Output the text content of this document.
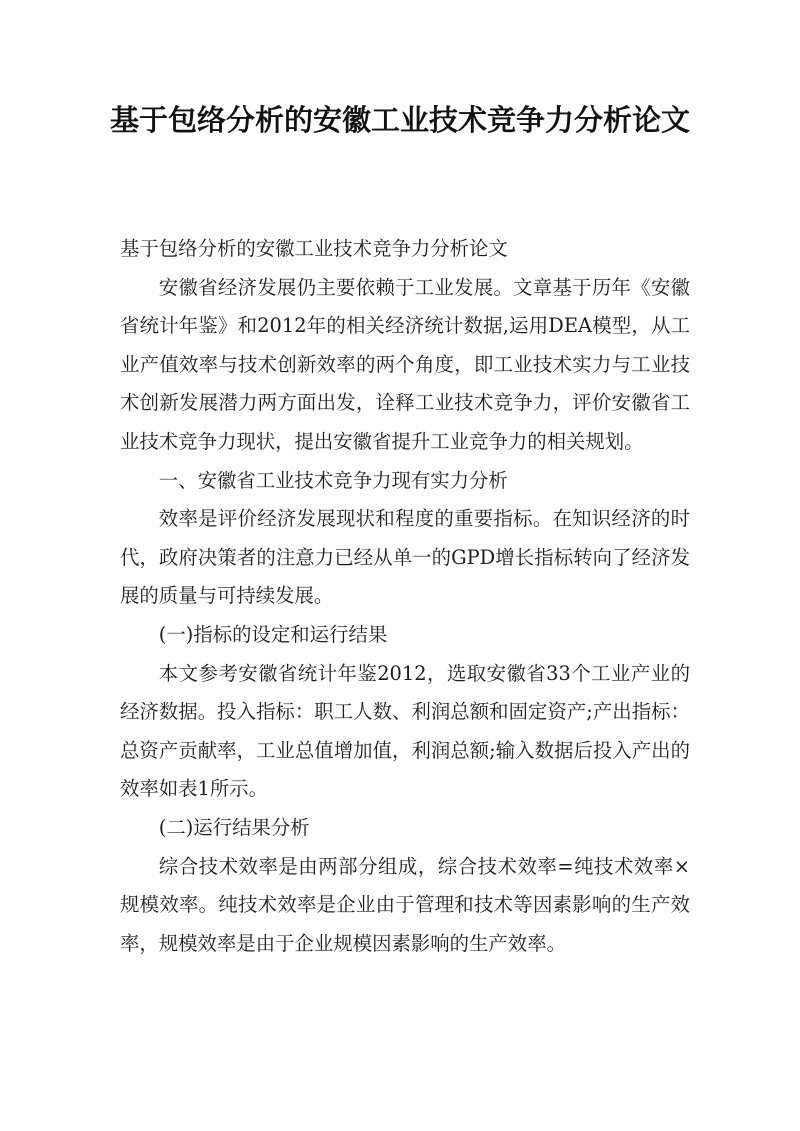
基于包络分析的安徽工业技术竞争力分析论文

基于包络分析的安徽工业技术竞争力分析论文

安徽省经济发展仍主要依赖于工业发展。文章基于历年《安徽省统计年鉴》和2012年的相关经济统计数据,运用DEA模型，从工业产值效率与技术创新效率的两个角度，即工业技术实力与工业技术创新发展潜力两方面出发，诠释工业技术竞争力，评价安徽省工业技术竞争力现状，提出安徽省提升工业竞争力的相关规划。

一、安徽省工业技术竞争力现有实力分析

效率是评价经济发展现状和程度的重要指标。在知识经济的时代，政府决策者的注意力已经从单一的GPD增长指标转向了经济发展的质量与可持续发展。

(一)指标的设定和运行结果

本文参考安徽省统计年鉴2012，选取安徽省33个工业产业的经济数据。投入指标：职工人数、利润总额和固定资产;产出指标：总资产贡献率，工业总值增加值，利润总额;输入数据后投入产出的效率如表1所示。

(二)运行结果分析

综合技术效率是由两部分组成，综合技术效率=纯技术效率×规模效率。纯技术效率是企业由于管理和技术等因素影响的生产效率，规模效率是由于企业规模因素影响的生产效率。
